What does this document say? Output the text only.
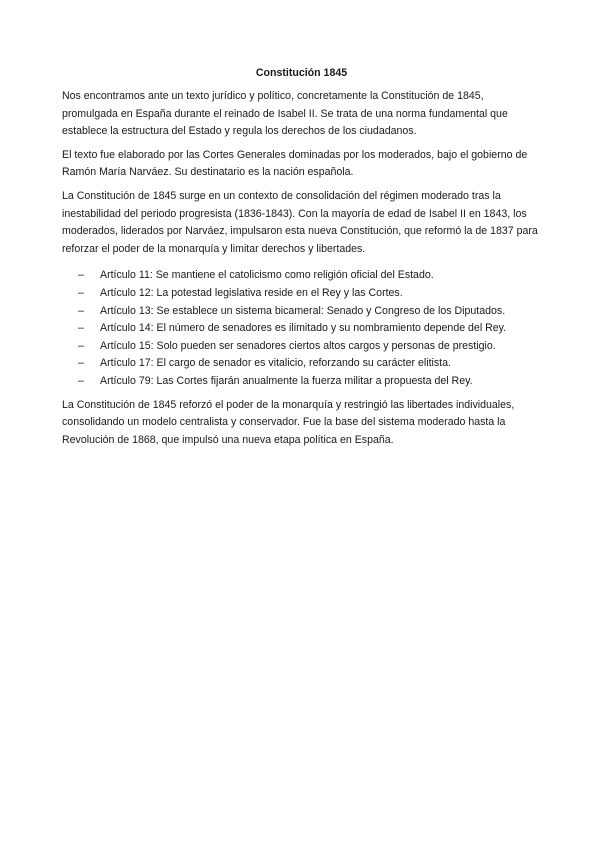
Constitución 1845

Nos encontramos ante un texto jurídico y político, concretamente la Constitución de 1845, promulgada en España durante el reinado de Isabel II. Se trata de una norma fundamental que establece la estructura del Estado y regula los derechos de los ciudadanos.

El texto fue elaborado por las Cortes Generales dominadas por los moderados, bajo el gobierno de Ramón María Narváez. Su destinatario es la nación española.

La Constitución de 1845 surge en un contexto de consolidación del régimen moderado tras la inestabilidad del periodo progresista (1836-1843). Con la mayoría de edad de Isabel II en 1843, los moderados, liderados por Narváez, impulsaron esta nueva Constitución, que reformó la de 1837 para reforzar el poder de la monarquía y limitar derechos y libertades.

– Artículo 11: Se mantiene el catolicismo como religión oficial del Estado.
– Artículo 12: La potestad legislativa reside en el Rey y las Cortes.
– Artículo 13: Se establece un sistema bicameral: Senado y Congreso de los Diputados.
– Artículo 14: El número de senadores es ilimitado y su nombramiento depende del Rey.
– Artículo 15: Solo pueden ser senadores ciertos altos cargos y personas de prestigio.
– Artículo 17: El cargo de senador es vitalicio, reforzando su carácter elitista.
– Artículo 79: Las Cortes fijarán anualmente la fuerza militar a propuesta del Rey.

La Constitución de 1845 reforzó el poder de la monarquía y restringió las libertades individuales, consolidando un modelo centralista y conservador. Fue la base del sistema moderado hasta la Revolución de 1868, que impulsó una nueva etapa política en España.
